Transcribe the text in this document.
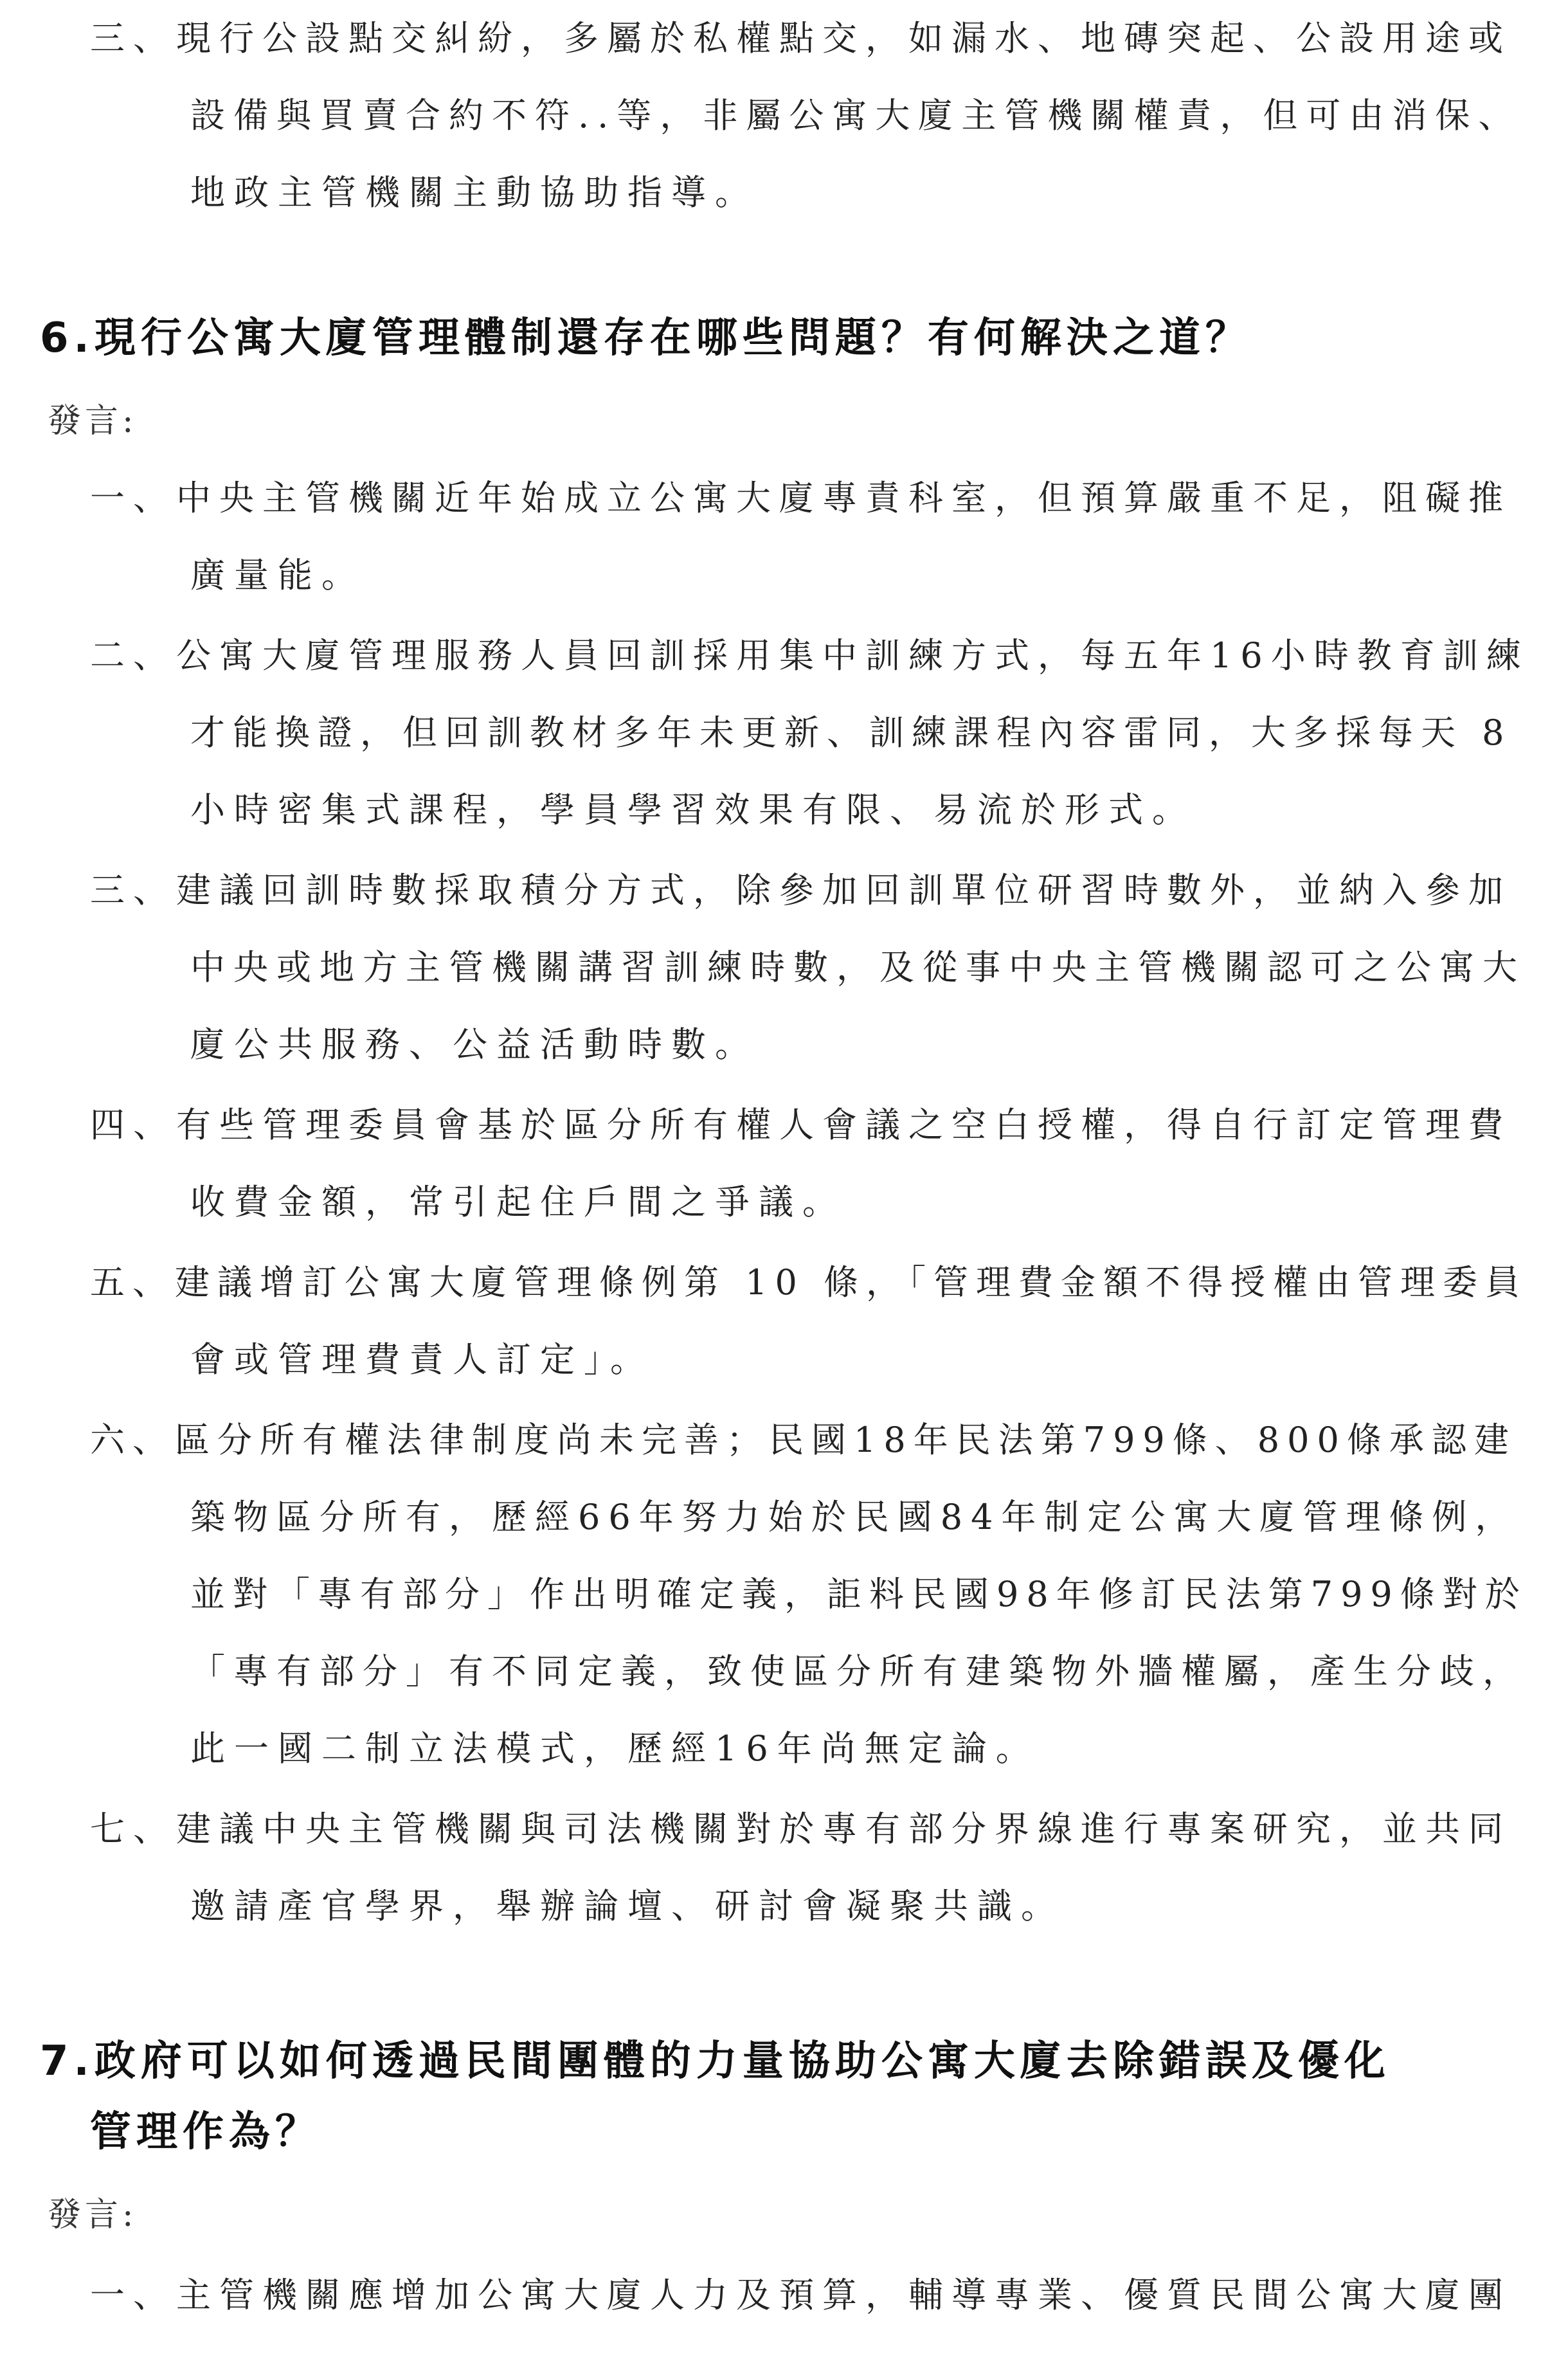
三、現行公設點交糾紛，多屬於私權點交，如漏水、地磚突起、公設用途或
設備與買賣合約不符..等，非屬公寓大廈主管機關權責，但可由消保、
地政主管機關主動協助指導。
6.現行公寓大廈管理體制還存在哪些問題？有何解決之道？
發言:
一、中央主管機關近年始成立公寓大廈專責科室，但預算嚴重不足，阻礙推
廣量能。
二、公寓大廈管理服務人員回訓採用集中訓練方式，每五年16小時教育訓練
才能換證，但回訓教材多年未更新、訓練課程內容雷同，大多採每天 8
小時密集式課程，學員學習效果有限、易流於形式。
三、建議回訓時數採取積分方式，除參加回訓單位研習時數外，並納入參加
中央或地方主管機關講習訓練時數，及從事中央主管機關認可之公寓大
廈公共服務、公益活動時數。
四、有些管理委員會基於區分所有權人會議之空白授權，得自行訂定管理費
收費金額，常引起住戶間之爭議。
五、建議增訂公寓大廈管理條例第 10 條，「管理費金額不得授權由管理委員
會或管理費責人訂定」。
六、區分所有權法律制度尚未完善；民國18年民法第799條、800條承認建
築物區分所有，歷經66年努力始於民國84年制定公寓大廈管理條例，
並對「專有部分」作出明確定義，詎料民國98年修訂民法第799條對於
「專有部分」有不同定義，致使區分所有建築物外牆權屬，產生分歧，
此一國二制立法模式，歷經16年尚無定論。
七、建議中央主管機關與司法機關對於專有部分界線進行專案研究，並共同
邀請產官學界，舉辦論壇、研討會凝聚共識。
7.政府可以如何透過民間團體的力量協助公寓大廈去除錯誤及優化
管理作為？
發言:
一、主管機關應增加公寓大廈人力及預算，輔導專業、優質民間公寓大廈團
